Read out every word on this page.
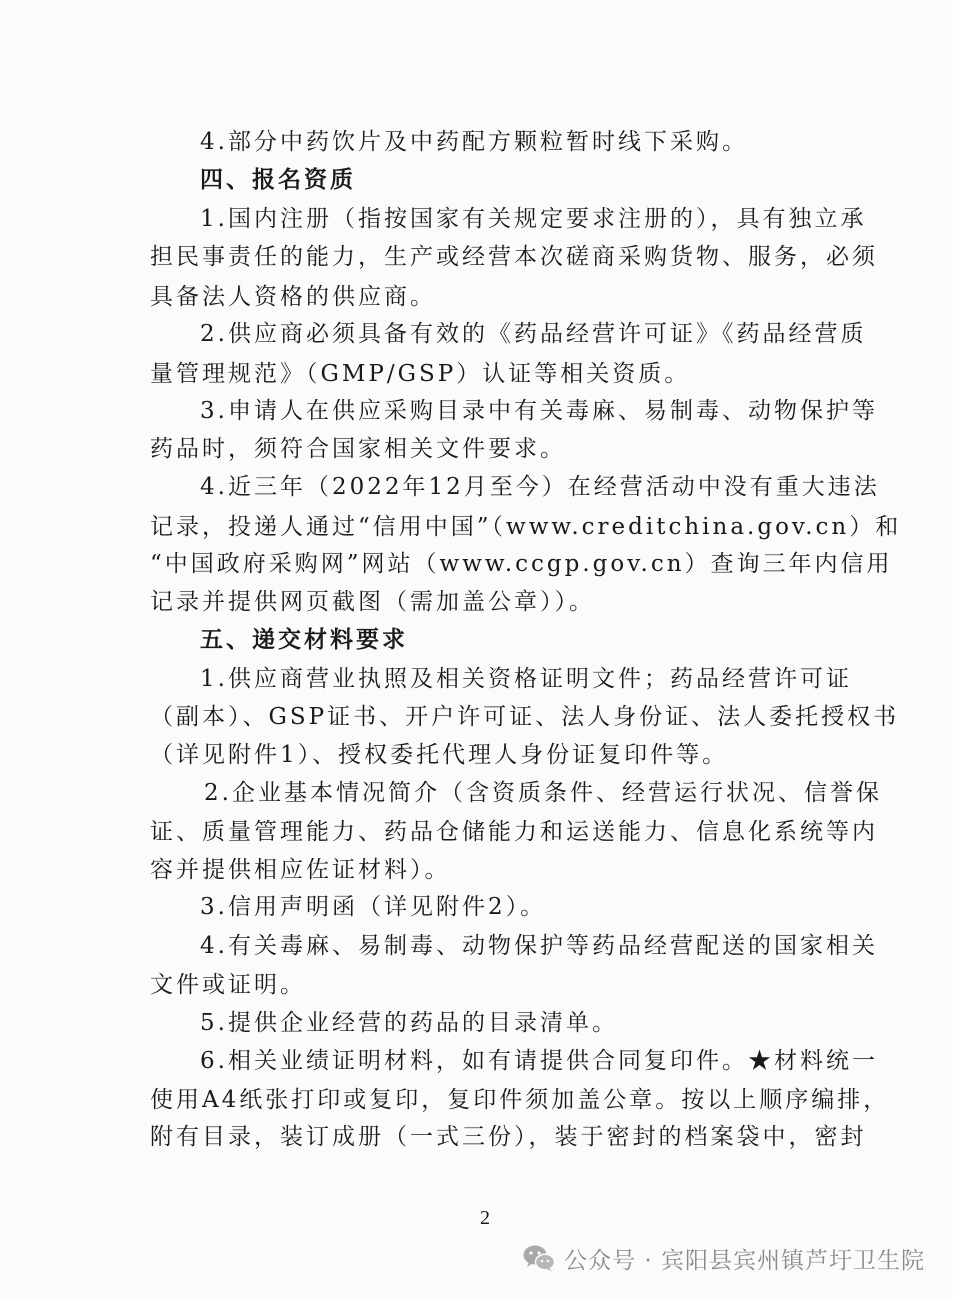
4.部分中药饮片及中药配方颗粒暂时线下采购。
四、报名资质
1.国内注册（指按国家有关规定要求注册的），具有独立承
担民事责任的能力，生产或经营本次磋商采购货物、服务，必须
具备法人资格的供应商。
2.供应商必须具备有效的《药品经营许可证》《药品经营质
量管理规范》（GMP/GSP）认证等相关资质。
3.申请人在供应采购目录中有关毒麻、易制毒、动物保护等
药品时，须符合国家相关文件要求。
4.近三年（2022年12月至今）在经营活动中没有重大违法
记录，投递人通过“信用中国”（www.creditchina.gov.cn）和
“中国政府采购网”网站（www.ccgp.gov.cn）查询三年内信用
记录并提供网页截图（需加盖公章））。
五、递交材料要求
1.供应商营业执照及相关资格证明文件；药品经营许可证
（副本）、GSP证书、开户许可证、法人身份证、法人委托授权书
（详见附件1）、授权委托代理人身份证复印件等。
2.企业基本情况简介（含资质条件、经营运行状况、信誉保
证、质量管理能力、药品仓储能力和运送能力、信息化系统等内
容并提供相应佐证材料）。
3.信用声明函（详见附件2）。
4.有关毒麻、易制毒、动物保护等药品经营配送的国家相关
文件或证明。
5.提供企业经营的药品的目录清单。
6.相关业绩证明材料，如有请提供合同复印件。★材料统一
使用A4纸张打印或复印，复印件须加盖公章。按以上顺序编排，
附有目录，装订成册（一式三份），装于密封的档案袋中，密封
2
公众号 · 宾阳县宾州镇芦圩卫生院
